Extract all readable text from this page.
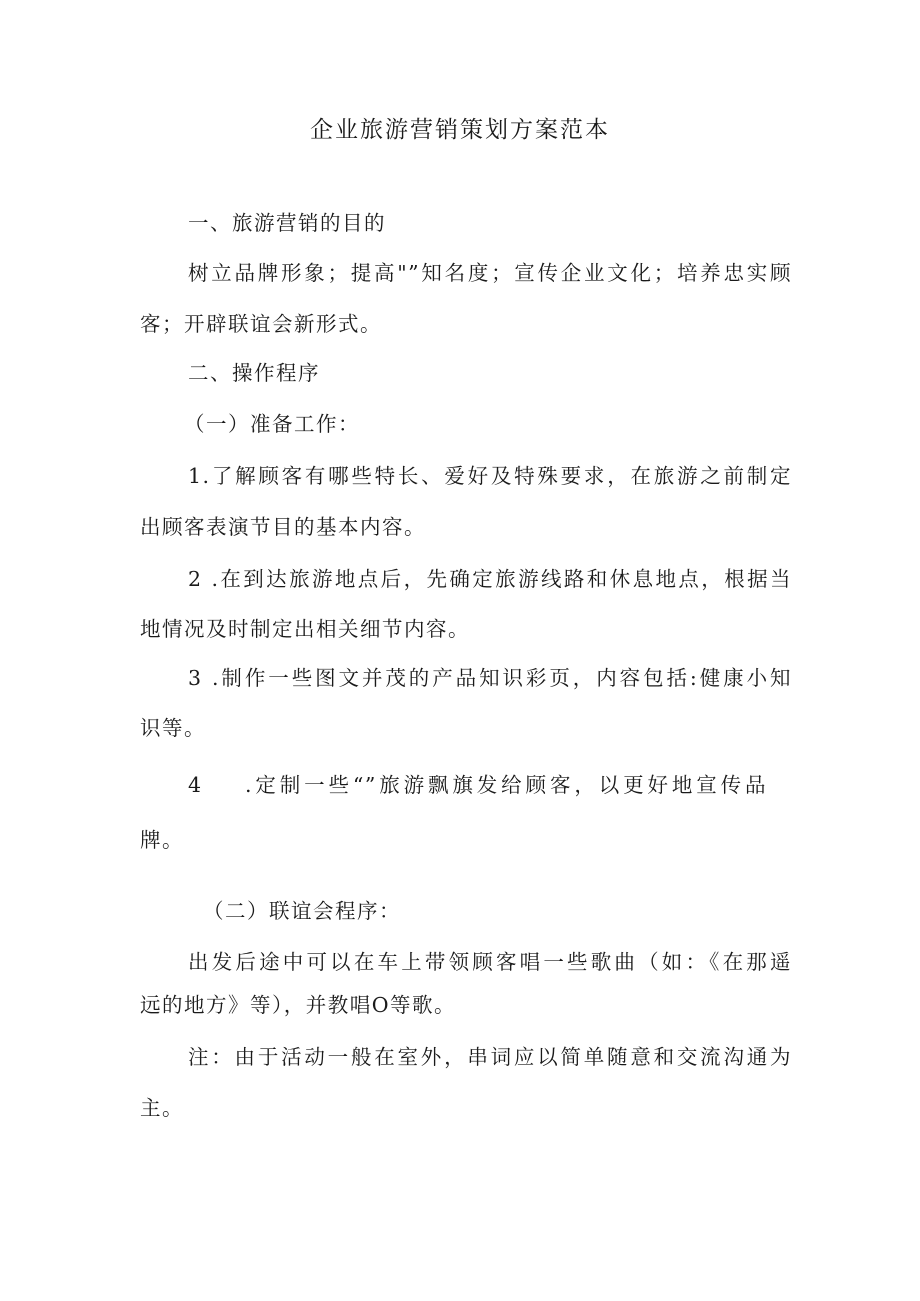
企业旅游营销策划方案范本
一、旅游营销的目的
树立品牌形象；提高"”知名度；宣传企业文化；培养忠实顾
客；开辟联谊会新形式。
二、操作程序
（一）准备工作：
1.了解顾客有哪些特长、爱好及特殊要求，在旅游之前制定
出顾客表演节目的基本内容。
2 .在到达旅游地点后，先确定旅游线路和休息地点，根据当
地情况及时制定出相关细节内容。
3 .制作一些图文并茂的产品知识彩页，内容包括:健康小知
识等。
4 .定制一些“”旅游飘旗发给顾客，以更好地宣传品
牌。
（二）联谊会程序：
出发后途中可以在车上带领顾客唱一些歌曲（如：《在那遥
远的地方》等），并教唱O等歌。
注：由于活动一般在室外，串词应以简单随意和交流沟通为
主。
